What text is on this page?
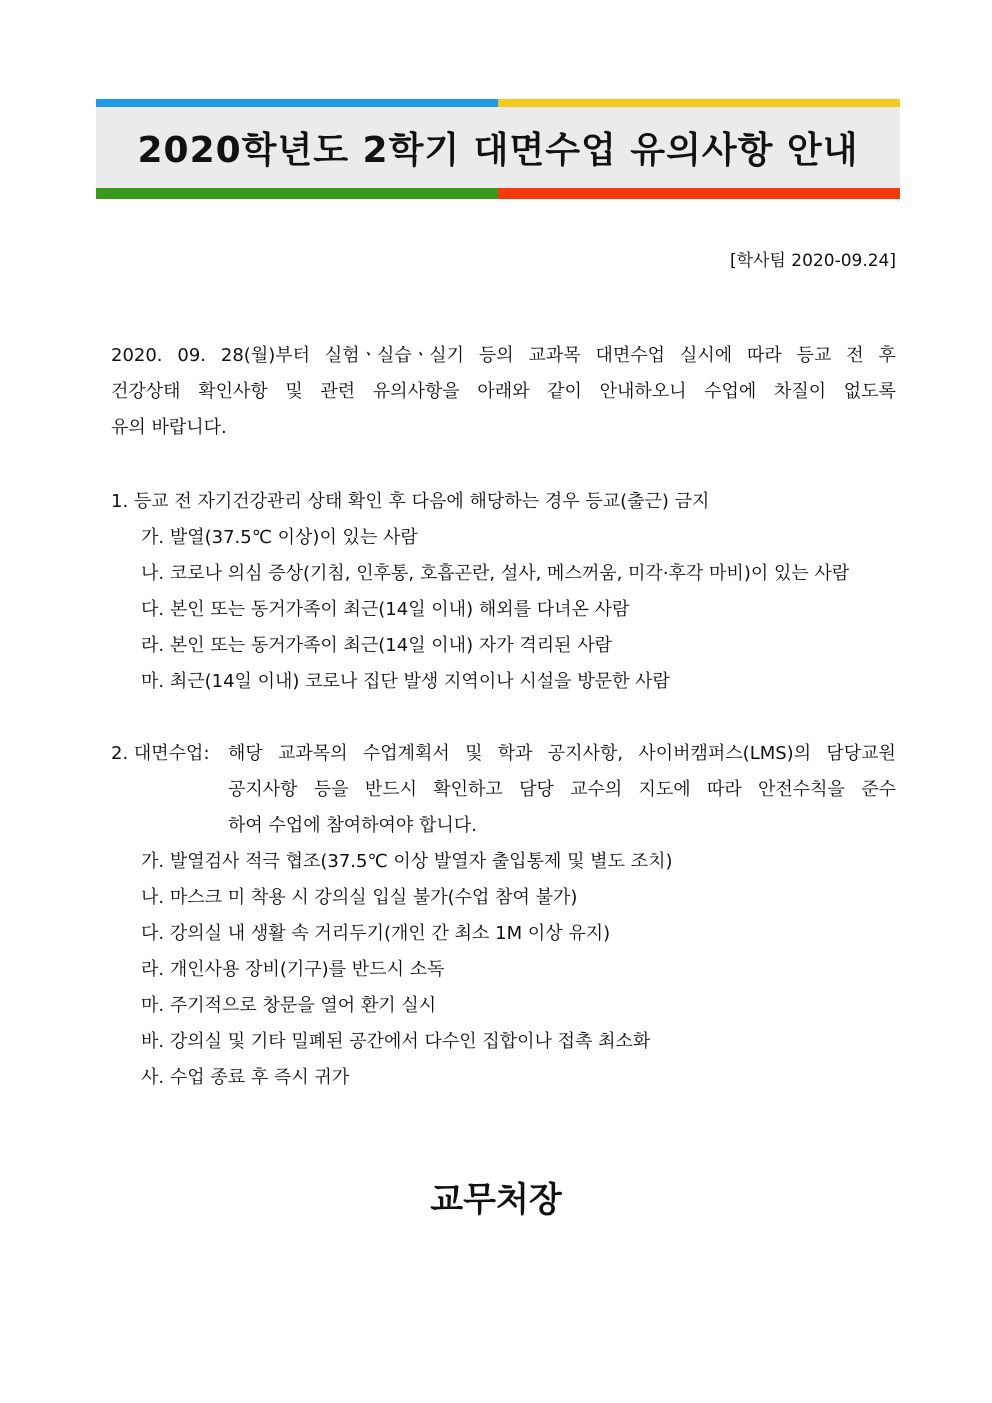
2020학년도 2학기 대면수업 유의사항 안내
[학사팀 2020-09.24]
2020. 09. 28(월)부터 실험ㆍ실습ㆍ실기 등의 교과목 대면수업 실시에 따라 등교 전 후
건강상태 확인사항 및 관련 유의사항을 아래와 같이 안내하오니 수업에 차질이 없도록
유의 바랍니다.
1. 등교 전 자기건강관리 상태 확인 후 다음에 해당하는 경우 등교(출근) 금지
가. 발열(37.5℃ 이상)이 있는 사람
나. 코로나 의심 증상(기침, 인후통, 호흡곤란, 설사, 메스꺼움, 미각·후각 마비)이 있는 사람
다. 본인 또는 동거가족이 최근(14일 이내) 해외를 다녀온 사람
라. 본인 또는 동거가족이 최근(14일 이내) 자가 격리된 사람
마. 최근(14일 이내) 코로나 집단 발생 지역이나 시설을 방문한 사람
2. 대면수업: 해당 교과목의 수업계획서 및 학과 공지사항, 사이버캠퍼스(LMS)의 담당교원
공지사항 등을 반드시 확인하고 담당 교수의 지도에 따라 안전수칙을 준수
하여 수업에 참여하여야 합니다.
가. 발열검사 적극 협조(37.5℃ 이상 발열자 출입통제 및 별도 조치)
나. 마스크 미 착용 시 강의실 입실 불가(수업 참여 불가)
다. 강의실 내 생활 속 거리두기(개인 간 최소 1M 이상 유지)
라. 개인사용 장비(기구)를 반드시 소독
마. 주기적으로 창문을 열어 환기 실시
바. 강의실 및 기타 밀폐된 공간에서 다수인 집합이나 접촉 최소화
사. 수업 종료 후 즉시 귀가
교무처장
